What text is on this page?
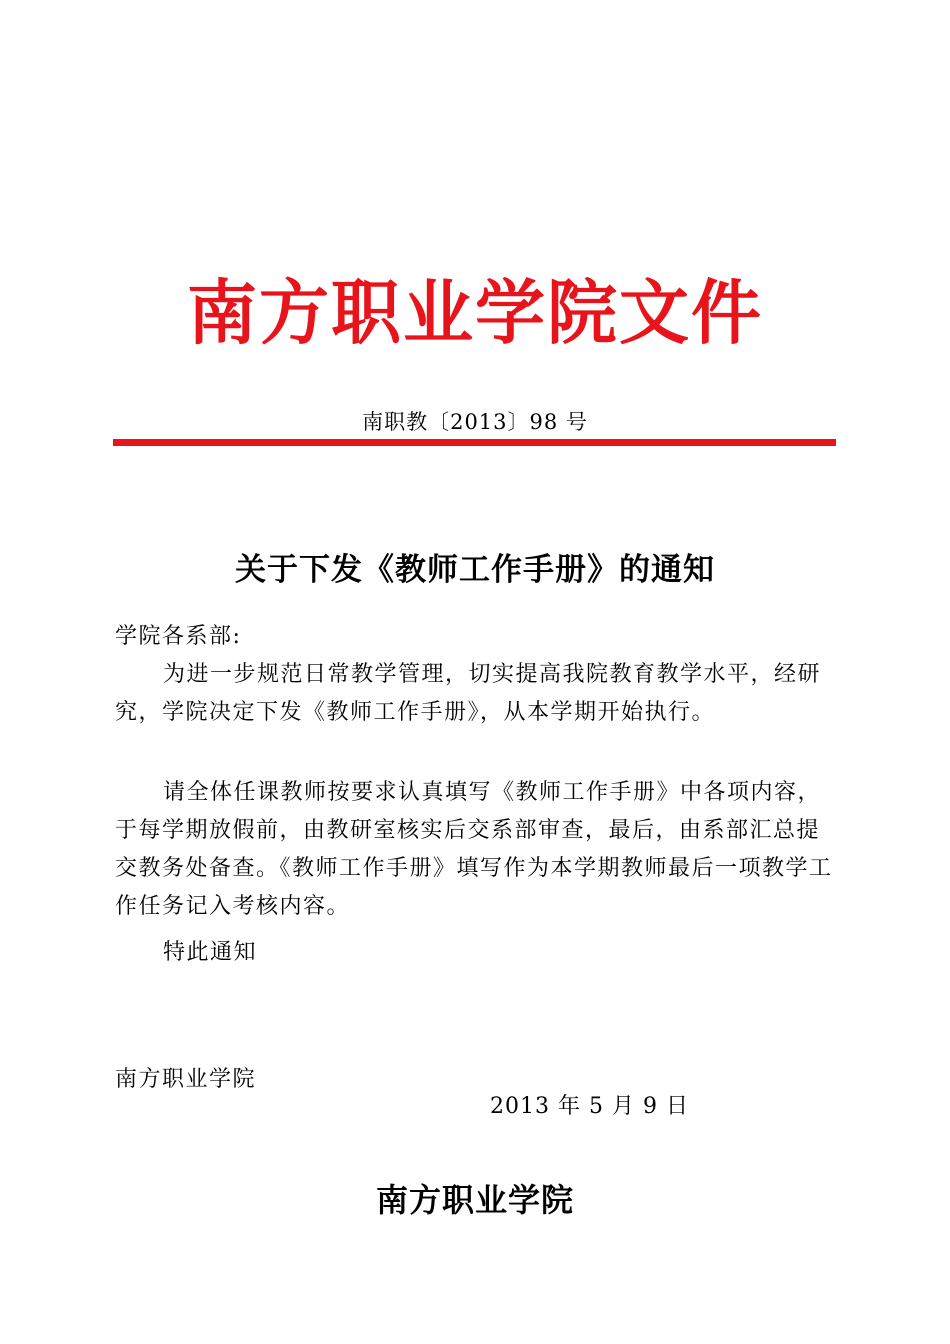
南方职业学院文件
南职教〔2013〕98 号
关于下发《教师工作手册》的通知
学院各系部:
为进一步规范日常教学管理，切实提高我院教育教学水平，经研究，学院决定下发《教师工作手册》，从本学期开始执行。
请全体任课教师按要求认真填写《教师工作手册》中各项内容，于每学期放假前，由教研室核实后交系部审查，最后，由系部汇总提交教务处备查。《教师工作手册》填写作为本学期教师最后一项教学工作任务记入考核内容。
特此通知
南方职业学院
2013 年 5 月 9 日
南方职业学院
